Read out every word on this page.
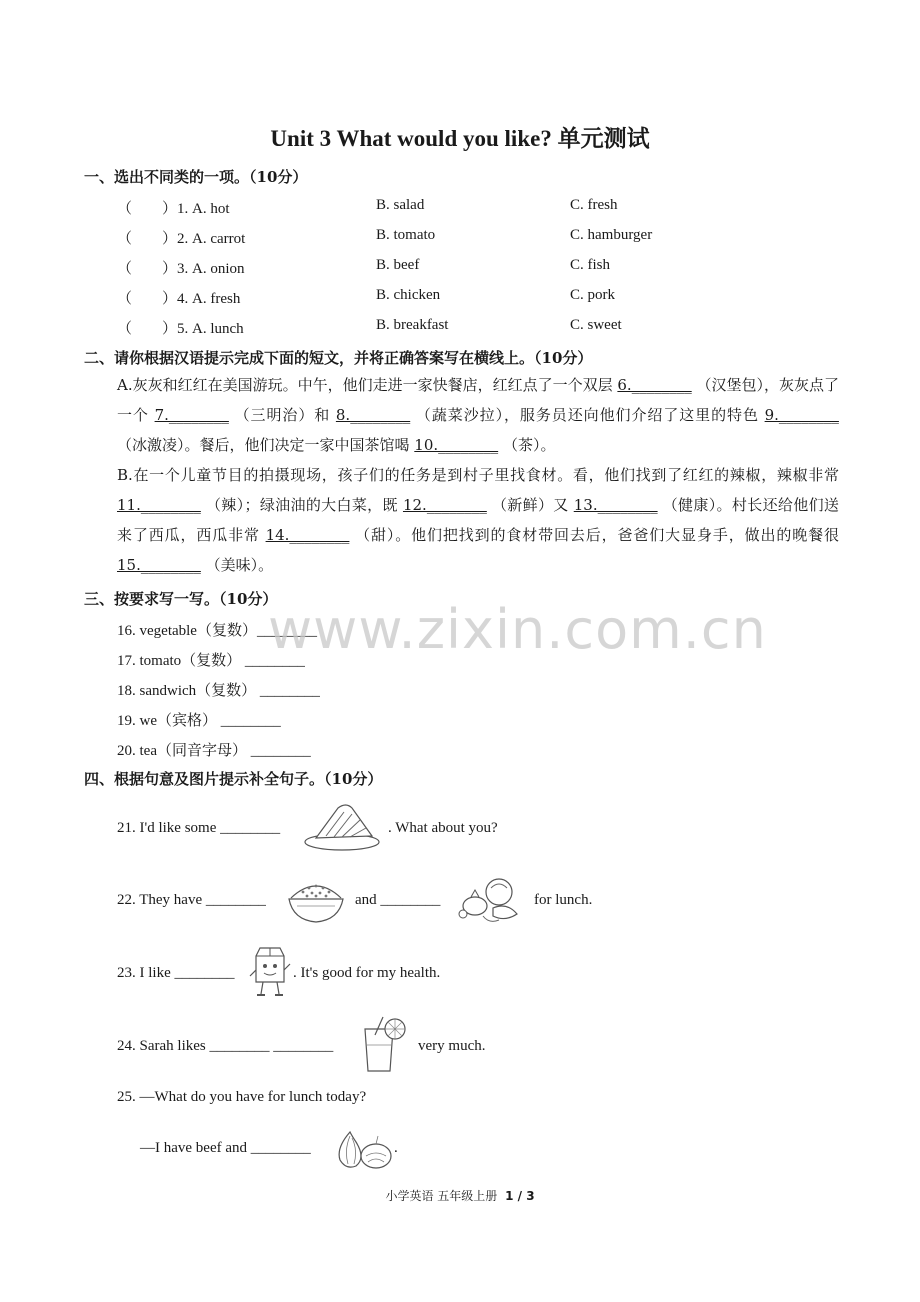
Unit 3 What would you like? 单元测试
一、选出不同类的一项。（10分）
（　　）1. A. hot	B. salad	C. fresh
（　　）2. A. carrot	B. tomato	C. hamburger
（　　）3. A. onion	B. beef	C. fish
（　　）4. A. fresh	B. chicken	C. pork
（　　）5. A. lunch	B. breakfast	C. sweet
二、请你根据汉语提示完成下面的短文，并将正确答案写在横线上。（10分）
A.灰灰和红红在美国游玩。中午，他们走进一家快餐店，红红点了一个双层 6.________ （汉堡包），灰灰点了一个 7.________ （三明治）和 8.________ （蔬菜沙拉），服务员还向他们介绍了这里的特色 9.________ （冰激凌）。餐后，他们决定一家中国茶馆喝 10.________ （茶）。
B.在一个儿童节目的拍摄现场，孩子们的任务是到村子里找食材。看，他们找到了红红的辣椒，辣椒非常 11.________ （辣）；绿油油的大白菜，既 12.________ （新鲜）又 13.________ （健康）。村长还给他们送来了西瓜，西瓜非常 14.________ （甜）。他们把找到的食材带回去后，爸爸们大显身手，做出的晚餐很 15.________ （美味）。
三、按要求写一写。（10分）
16. vegetable（复数）________
17. tomato（复数） ________
18. sandwich（复数） ________
19. we（宾格） ________
20. tea（同音字母） ________
www.zixin.com.cn
四、根据句意及图片提示补全句子。（10分）
21. I'd like some ________	. What about you?
22. They have ________	and ________	for lunch.
23. I like ________	. It's good for my health.
24. Sarah likes ________ ________	very much.
25. —What do you have for lunch today?
—I have beef and ________	.
小学英语 五年级上册 1 / 3
